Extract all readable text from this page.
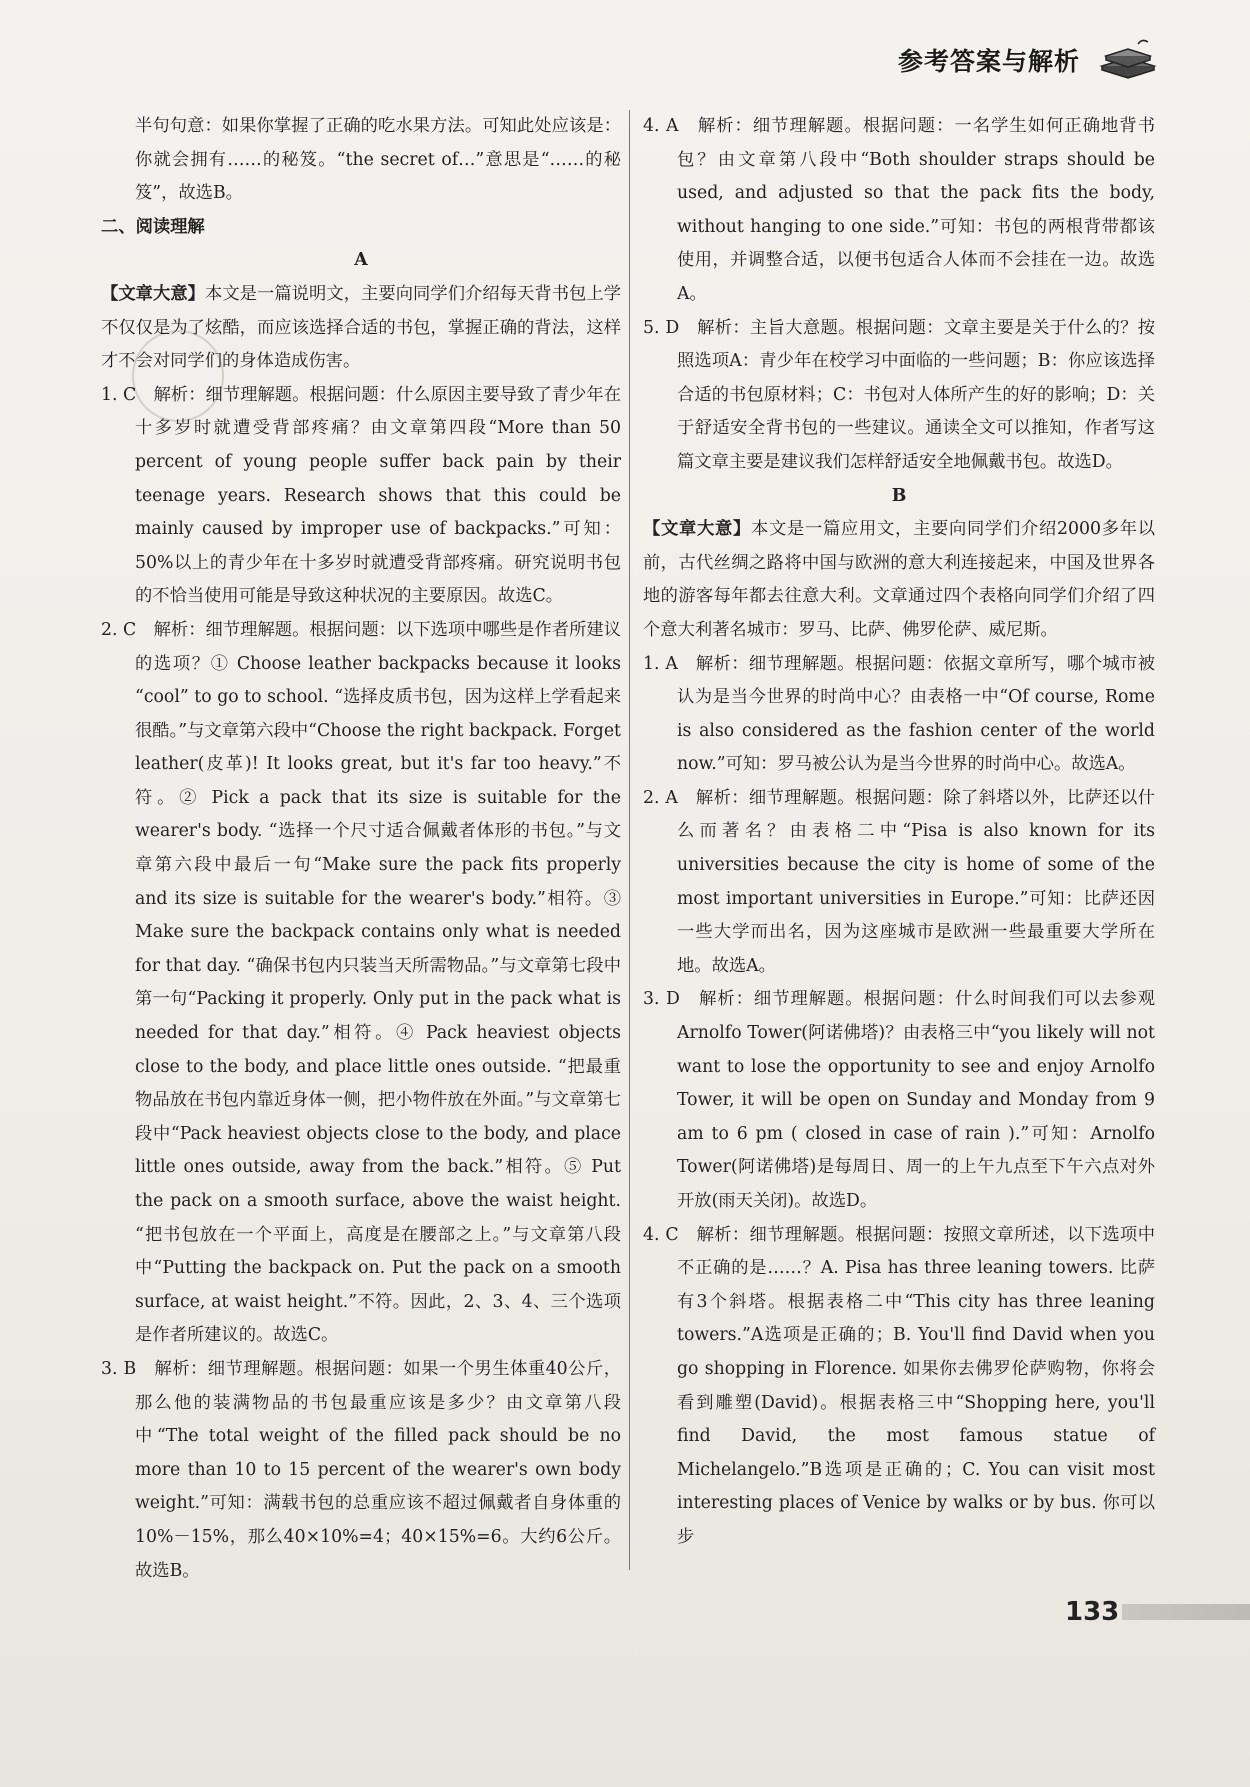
参考答案与解析

半句句意：如果你掌握了正确的吃水果方法。可知此处应该是：你就会拥有……的秘笈。“the secret of…”意思是“……的秘笈”，故选B。

二、阅读理解

A

【文章大意】本文是一篇说明文，主要向同学们介绍每天背书包上学不仅仅是为了炫酷，而应该选择合适的书包，掌握正确的背法，这样才不会对同学们的身体造成伤害。

1. C　解析：细节理解题。根据问题：什么原因主要导致了青少年在十多岁时就遭受背部疼痛？由文章第四段“More than 50 percent of young people suffer back pain by their teenage years. Research shows that this could be mainly caused by improper use of backpacks.”可知：50%以上的青少年在十多岁时就遭受背部疼痛。研究说明书包的不恰当使用可能是导致这种状况的主要原因。故选C。

2. C　解析：细节理解题。根据问题：以下选项中哪些是作者所建议的选项？① Choose leather backpacks because it looks “cool” to go to school. “选择皮质书包，因为这样上学看起来很酷。”与文章第六段中“Choose the right backpack. Forget leather(皮革)! It looks great, but it's far too heavy.”不符。② Pick a pack that its size is suitable for the wearer's body. “选择一个尺寸适合佩戴者体形的书包。”与文章第六段中最后一句“Make sure the pack fits properly and its size is suitable for the wearer's body.”相符。③ Make sure the backpack contains only what is needed for that day. “确保书包内只装当天所需物品。”与文章第七段中第一句“Packing it properly. Only put in the pack what is needed for that day.”相符。④ Pack heaviest objects close to the body, and place little ones outside. “把最重物品放在书包内靠近身体一侧，把小物件放在外面。”与文章第七段中“Pack heaviest objects close to the body, and place little ones outside, away from the back.”相符。⑤ Put the pack on a smooth surface, above the waist height. “把书包放在一个平面上，高度是在腰部之上。”与文章第八段中“Putting the backpack on. Put the pack on a smooth surface, at waist height.”不符。因此，2、3、4、三个选项是作者所建议的。故选C。

3. B　解析：细节理解题。根据问题：如果一个男生体重40公斤，那么他的装满物品的书包最重应该是多少？由文章第八段中“The total weight of the filled pack should be no more than 10 to 15 percent of the wearer's own body weight.”可知：满载书包的总重应该不超过佩戴者自身体重的10%－15%，那么40×10%=4；40×15%=6。大约6公斤。故选B。

4. A　解析：细节理解题。根据问题：一名学生如何正确地背书包？由文章第八段中“Both shoulder straps should be used, and adjusted so that the pack fits the body, without hanging to one side.”可知：书包的两根背带都该使用，并调整合适，以便书包适合人体而不会挂在一边。故选A。

5. D　解析：主旨大意题。根据问题：文章主要是关于什么的？按照选项A：青少年在校学习中面临的一些问题；B：你应该选择合适的书包原材料；C：书包对人体所产生的好的影响；D：关于舒适安全背书包的一些建议。通读全文可以推知，作者写这篇文章主要是建议我们怎样舒适安全地佩戴书包。故选D。

B

【文章大意】本文是一篇应用文，主要向同学们介绍2000多年以前，古代丝绸之路将中国与欧洲的意大利连接起来，中国及世界各地的游客每年都去往意大利。文章通过四个表格向同学们介绍了四个意大利著名城市：罗马、比萨、佛罗伦萨、威尼斯。

1. A　解析：细节理解题。根据问题：依据文章所写，哪个城市被认为是当今世界的时尚中心？由表格一中“Of course, Rome is also considered as the fashion center of the world now.”可知：罗马被公认为是当今世界的时尚中心。故选A。

2. A　解析：细节理解题。根据问题：除了斜塔以外，比萨还以什么而著名？由表格二中“Pisa is also known for its universities because the city is home of some of the most important universities in Europe.”可知：比萨还因一些大学而出名，因为这座城市是欧洲一些最重要大学所在地。故选A。

3. D　解析：细节理解题。根据问题：什么时间我们可以去参观Arnolfo Tower(阿诺佛塔)？由表格三中“you likely will not want to lose the opportunity to see and enjoy Arnolfo Tower, it will be open on Sunday and Monday from 9 am to 6 pm ( closed in case of rain ).”可知：Arnolfo Tower(阿诺佛塔)是每周日、周一的上午九点至下午六点对外开放(雨天关闭)。故选D。

4. C　解析：细节理解题。根据问题：按照文章所述，以下选项中不正确的是……？A. Pisa has three leaning towers. 比萨有3个斜塔。根据表格二中“This city has three leaning towers.”A选项是正确的；B. You'll find David when you go shopping in Florence. 如果你去佛罗伦萨购物，你将会看到雕塑(David)。根据表格三中“Shopping here, you'll find David, the most famous statue of Michelangelo.”B选项是正确的；C. You can visit most interesting places of Venice by walks or by bus. 你可以步

133
